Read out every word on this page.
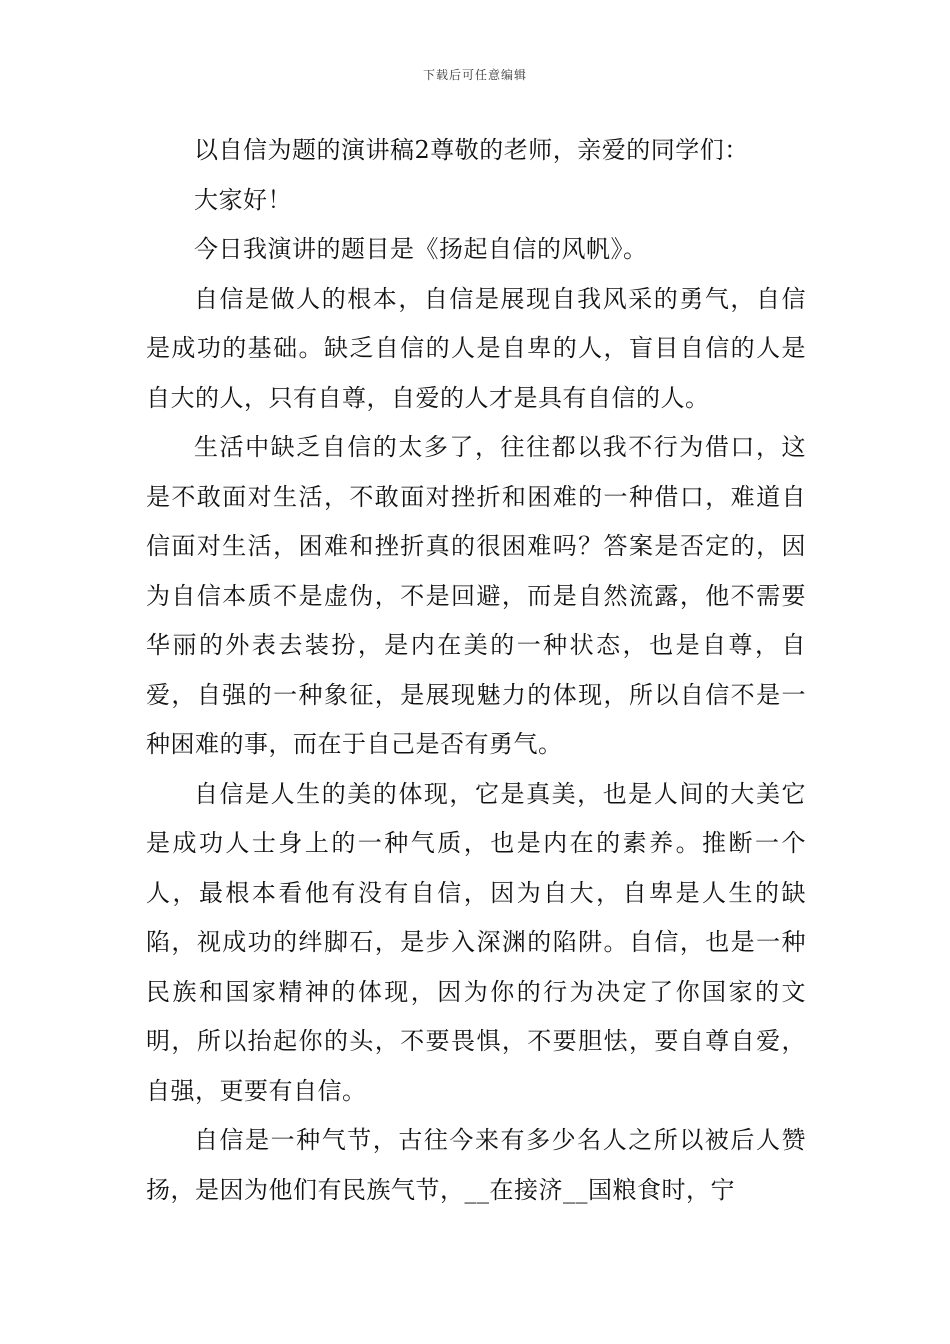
下载后可任意编辑

以自信为题的演讲稿2尊敬的老师，亲爱的同学们：

大家好！

今日我演讲的题目是《扬起自信的风帆》。

自信是做人的根本，自信是展现自我风采的勇气，自信是成功的基础。缺乏自信的人是自卑的人，盲目自信的人是自大的人，只有自尊，自爱的人才是具有自信的人。

生活中缺乏自信的太多了，往往都以我不行为借口，这是不敢面对生活，不敢面对挫折和困难的一种借口，难道自信面对生活，困难和挫折真的很困难吗？答案是否定的，因为自信本质不是虚伪，不是回避，而是自然流露，他不需要华丽的外表去装扮，是内在美的一种状态，也是自尊，自爱，自强的一种象征，是展现魅力的体现，所以自信不是一种困难的事，而在于自己是否有勇气。

自信是人生的美的体现，它是真美，也是人间的大美它是成功人士身上的一种气质，也是内在的素养。推断一个人，最根本看他有没有自信，因为自大，自卑是人生的缺陷，视成功的绊脚石，是步入深渊的陷阱。自信，也是一种民族和国家精神的体现，因为你的行为决定了你国家的文明，所以抬起你的头，不要畏惧，不要胆怯，要自尊自爱，自强，更要有自信。

自信是一种气节，古往今来有多少名人之所以被后人赞扬，是因为他们有民族气节，__在接济__国粮食时，宁
